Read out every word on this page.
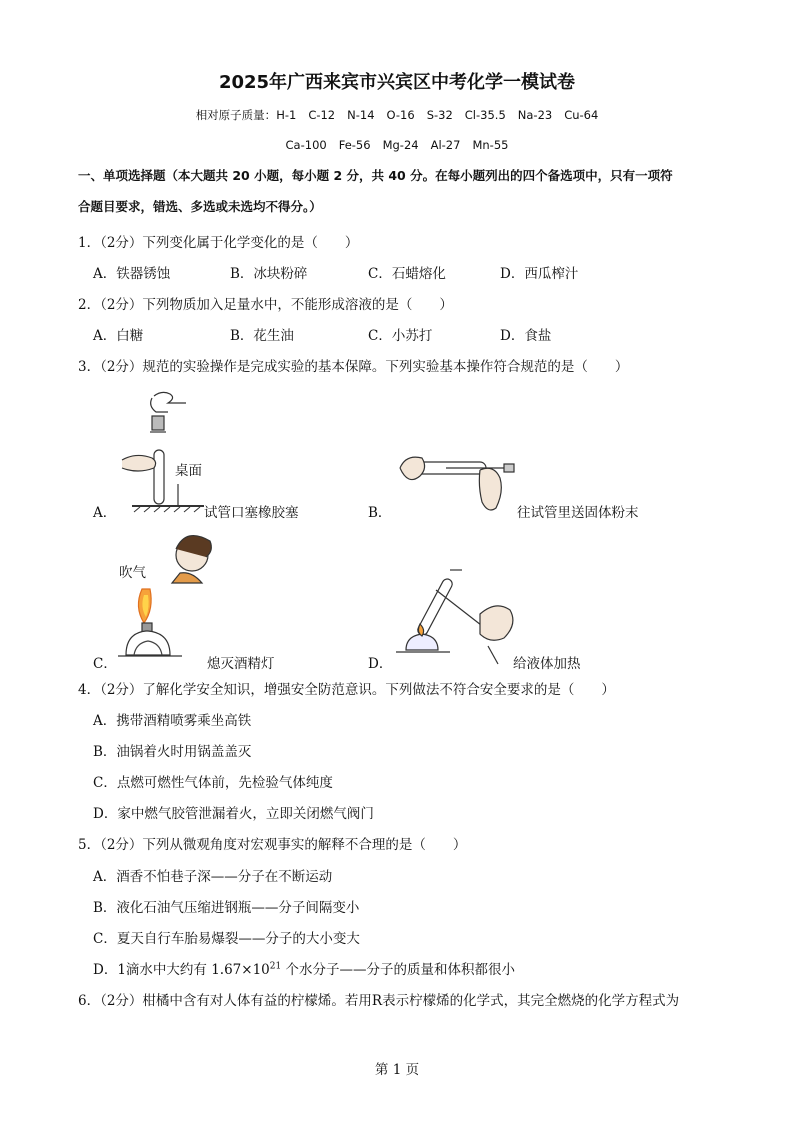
2025年广西来宾市兴宾区中考化学一模试卷
相对原子质量：H-1 C-12 N-14 O-16 S-32 Cl-35.5 Na-23 Cu-64
Ca-100 Fe-56 Mg-24 Al-27 Mn-55
一、单项选择题（本大题共 20 小题，每小题 2 分，共 40 分。在每小题列出的四个备选项中，只有一项符
合题目要求，错选、多选或未选均不得分。）
1．（2分）下列变化属于化学变化的是（　　）
A．铁器锈蚀	B．冰块粉碎	C．石蜡熔化	D．西瓜榨汁
2．（2分）下列物质加入足量水中，不能形成溶液的是（　　）
A．白糖	B．花生油	C．小苏打	D．食盐
3．（2分）规范的实验操作是完成实验的基本保障。下列实验基本操作符合规范的是（　　）
桌面
A．	试管口塞橡胶塞	B．	往试管里送固体粉末
吹气
C．	熄灭酒精灯	D．	给液体加热
4．（2分）了解化学安全知识，增强安全防范意识。下列做法不符合安全要求的是（　　）
A．携带酒精喷雾乘坐高铁
B．油锅着火时用锅盖盖灭
C．点燃可燃性气体前，先检验气体纯度
D．家中燃气胶管泄漏着火，立即关闭燃气阀门
5．（2分）下列从微观角度对宏观事实的解释不合理的是（　　）
A．酒香不怕巷子深——分子在不断运动
B．液化石油气压缩进钢瓶——分子间隔变小
C．夏天自行车胎易爆裂——分子的大小变大
D．1滴水中大约有 $1.67\times 10^{21}$ 个水分子——分子的质量和体积都很小
6．（2分）柑橘中含有对人体有益的柠檬烯。若用R表示柠檬烯的化学式，其完全燃烧的化学方程式为
第 1 页
